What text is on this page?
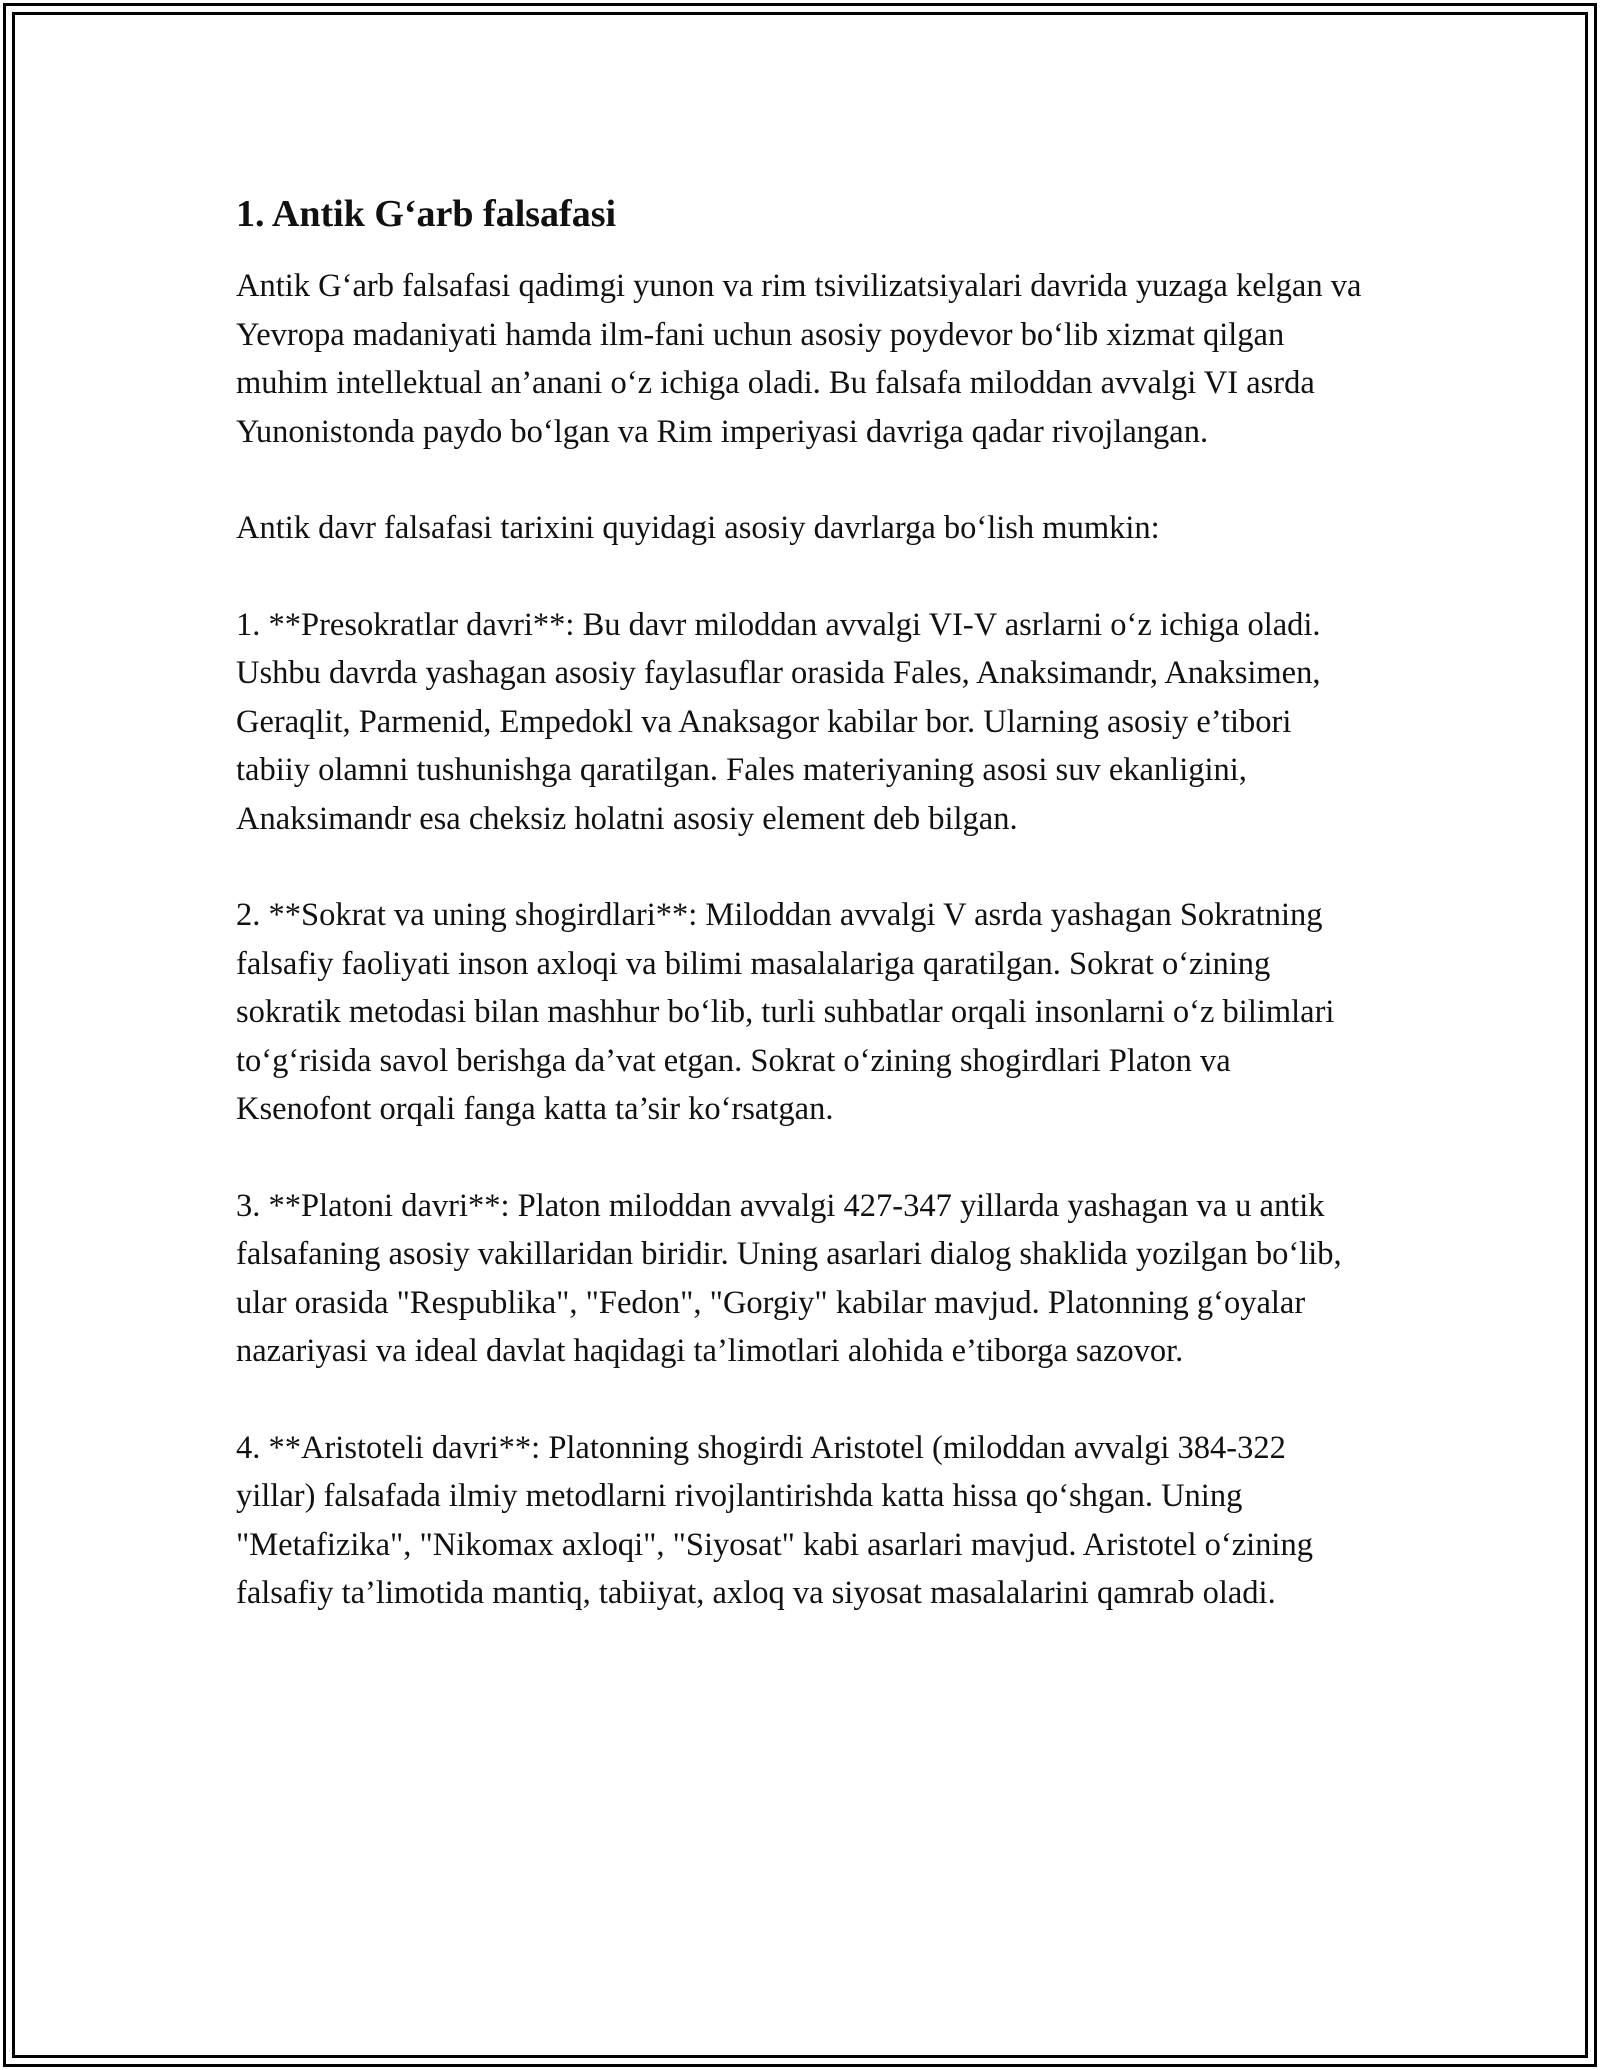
1. Antik G‘arb falsafasi

Antik G‘arb falsafasi qadimgi yunon va rim tsivilizatsiyalari davrida yuzaga kelgan va Yevropa madaniyati hamda ilm-fani uchun asosiy poydevor bo‘lib xizmat qilgan muhim intellektual an’anani o‘z ichiga oladi. Bu falsafa miloddan avvalgi VI asrda Yunonistonda paydo bo‘lgan va Rim imperiyasi davriga qadar rivojlangan.

Antik davr falsafasi tarixini quyidagi asosiy davrlarga bo‘lish mumkin:

1. **Presokratlar davri**: Bu davr miloddan avvalgi VI-V asrlarni o‘z ichiga oladi. Ushbu davrda yashagan asosiy faylasuflar orasida Fales, Anaksimandr, Anaksimen, Geraqlit, Parmenid, Empedokl va Anaksagor kabilar bor. Ularning asosiy e’tibori tabiiy olamni tushunishga qaratilgan. Fales materiyaning asosi suv ekanligini, Anaksimandr esa cheksiz holatni asosiy element deb bilgan.

2. **Sokrat va uning shogirdlari**: Miloddan avvalgi V asrda yashagan Sokratning falsafiy faoliyati inson axloqi va bilimi masalalariga qaratilgan. Sokrat o‘zining sokratik metodasi bilan mashhur bo‘lib, turli suhbatlar orqali insonlarni o‘z bilimlari to‘g‘risida savol berishga da’vat etgan. Sokrat o‘zining shogirdlari Platon va Ksenofont orqali fanga katta ta’sir ko‘rsatgan.

3. **Platoni davri**: Platon miloddan avvalgi 427-347 yillarda yashagan va u antik falsafaning asosiy vakillaridan biridir. Uning asarlari dialog shaklida yozilgan bo‘lib, ular orasida "Respublika", "Fedon", "Gorgiy" kabilar mavjud. Platonning g‘oyalar nazariyasi va ideal davlat haqidagi ta’limotlari alohida e’tiborga sazovor.

4. **Aristoteli davri**: Platonning shogirdi Aristotel (miloddan avvalgi 384-322 yillar) falsafada ilmiy metodlarni rivojlantirishda katta hissa qo‘shgan. Uning "Metafizika", "Nikomax axloqi", "Siyosat" kabi asarlari mavjud. Aristotel o‘zining falsafiy ta’limotida mantiq, tabiiyat, axloq va siyosat masalalarini qamrab oladi.
